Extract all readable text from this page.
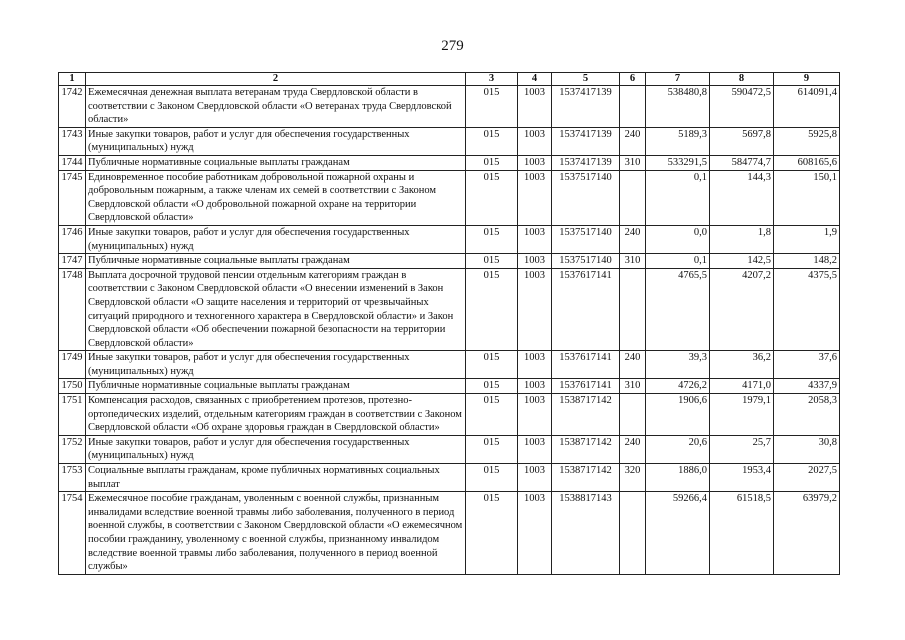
279
1	2	3	4	5	6	7	8	9
1742	Ежемесячная денежная выплата ветеранам труда Свердловской области в соответствии с Законом Свердловской области «О ветеранах труда Свердловской области»	015	1003	1537417139		538480,8	590472,5	614091,4
1743	Иные закупки товаров, работ и услуг для обеспечения государственных (муниципальных) нужд	015	1003	1537417139	240	5189,3	5697,8	5925,8
1744	Публичные нормативные социальные выплаты гражданам	015	1003	1537417139	310	533291,5	584774,7	608165,6
1745	Единовременное пособие работникам добровольной пожарной охраны и добровольным пожарным, а также членам их семей в соответствии с Законом Свердловской области «О добровольной пожарной охране на территории Свердловской области»	015	1003	1537517140		0,1	144,3	150,1
1746	Иные закупки товаров, работ и услуг для обеспечения государственных (муниципальных) нужд	015	1003	1537517140	240	0,0	1,8	1,9
1747	Публичные нормативные социальные выплаты гражданам	015	1003	1537517140	310	0,1	142,5	148,2
1748	Выплата досрочной трудовой пенсии отдельным категориям граждан в соответствии с Законом Свердловской области «О внесении изменений в Закон Свердловской области «О защите населения и территорий от чрезвычайных ситуаций природного и техногенного характера в Свердловской области» и Закон Свердловской области «Об обеспечении пожарной безопасности на территории Свердловской области»	015	1003	1537617141		4765,5	4207,2	4375,5
1749	Иные закупки товаров, работ и услуг для обеспечения государственных (муниципальных) нужд	015	1003	1537617141	240	39,3	36,2	37,6
1750	Публичные нормативные социальные выплаты гражданам	015	1003	1537617141	310	4726,2	4171,0	4337,9
1751	Компенсация расходов, связанных с приобретением протезов, протезно-ортопедических изделий, отдельным категориям граждан в соответствии с Законом Свердловской области «Об охране здоровья граждан в Свердловской области»	015	1003	1538717142		1906,6	1979,1	2058,3
1752	Иные закупки товаров, работ и услуг для обеспечения государственных (муниципальных) нужд	015	1003	1538717142	240	20,6	25,7	30,8
1753	Социальные выплаты гражданам, кроме публичных нормативных социальных выплат	015	1003	1538717142	320	1886,0	1953,4	2027,5
1754	Ежемесячное пособие гражданам, уволенным с военной службы, признанным инвалидами вследствие военной травмы либо заболевания, полученного в период военной службы, в соответствии с Законом Свердловской области «О ежемесячном пособии гражданину, уволенному с военной службы, признанному инвалидом вследствие военной травмы либо заболевания, полученного в период военной службы»	015	1003	1538817143		59266,4	61518,5	63979,2
